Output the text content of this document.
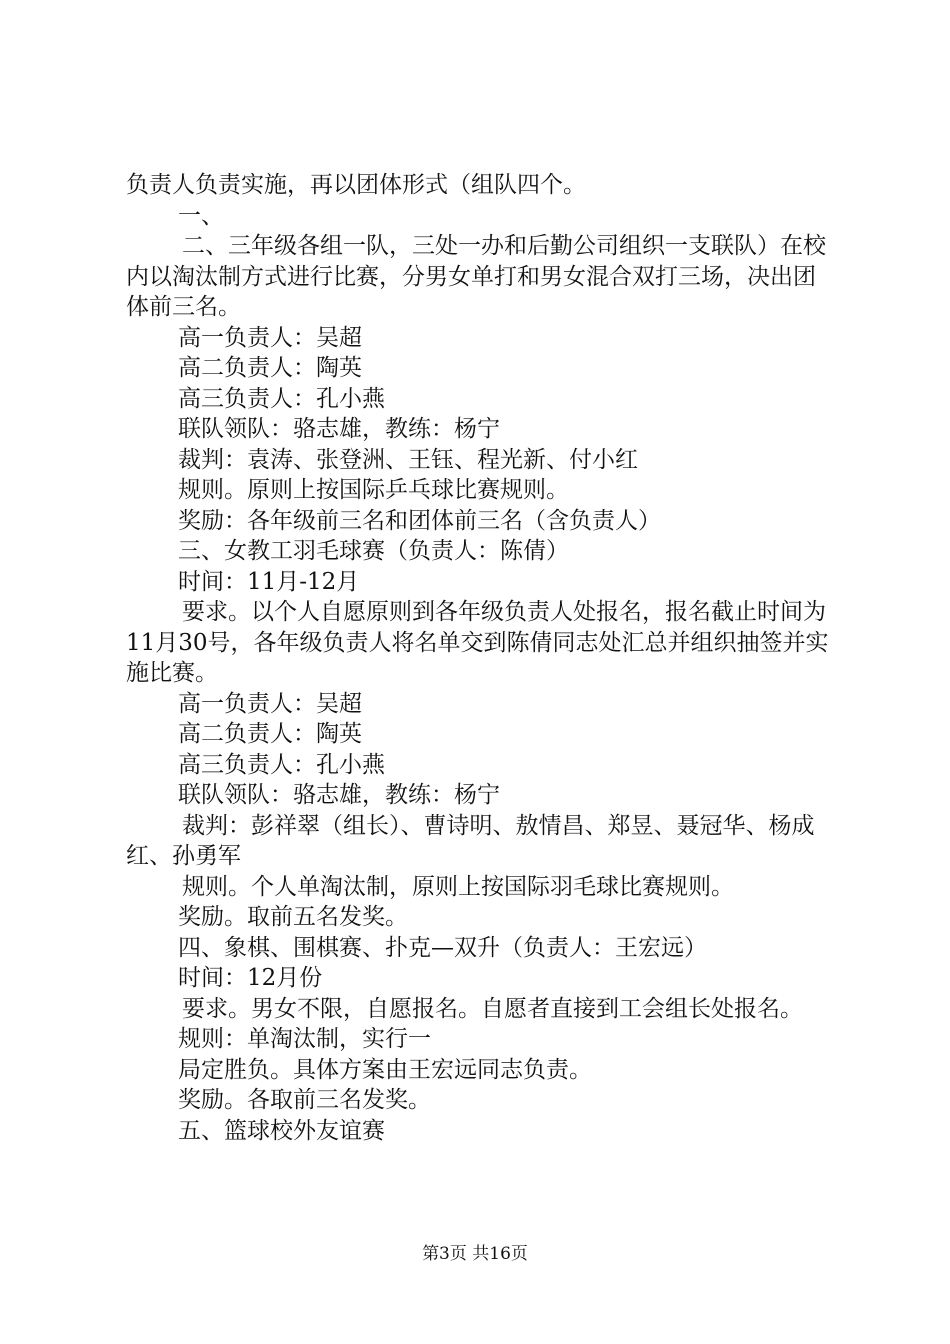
负责人负责实施，再以团体形式（组队四个。

一、

二、三年级各组一队，三处一办和后勤公司组织一支联队）在校内以淘汰制方式进行比赛，分男女单打和男女混合双打三场，决出团体前三名。

高一负责人：吴超

高二负责人：陶英

高三负责人：孔小燕

联队领队：骆志雄，教练：杨宁

裁判：袁涛、张登洲、王钰、程光新、付小红

规则。原则上按国际乒乓球比赛规则。

奖励：各年级前三名和团体前三名（含负责人）

三、女教工羽毛球赛（负责人：陈倩）

时间：11月-12月

要求。以个人自愿原则到各年级负责人处报名，报名截止时间为11月30号，各年级负责人将名单交到陈倩同志处汇总并组织抽签并实施比赛。

高一负责人：吴超

高二负责人：陶英

高三负责人：孔小燕

联队领队：骆志雄，教练：杨宁

裁判：彭祥翠（组长）、曹诗明、敖情昌、郑昱、聂冠华、杨成红、孙勇军

规则。个人单淘汰制，原则上按国际羽毛球比赛规则。

奖励。取前五名发奖。

四、象棋、围棋赛、扑克—双升（负责人：王宏远）

时间：12月份

要求。男女不限，自愿报名。自愿者直接到工会组长处报名。

规则：单淘汰制，实行一

局定胜负。具体方案由王宏远同志负责。

奖励。各取前三名发奖。

五、篮球校外友谊赛

第3页 共16页
